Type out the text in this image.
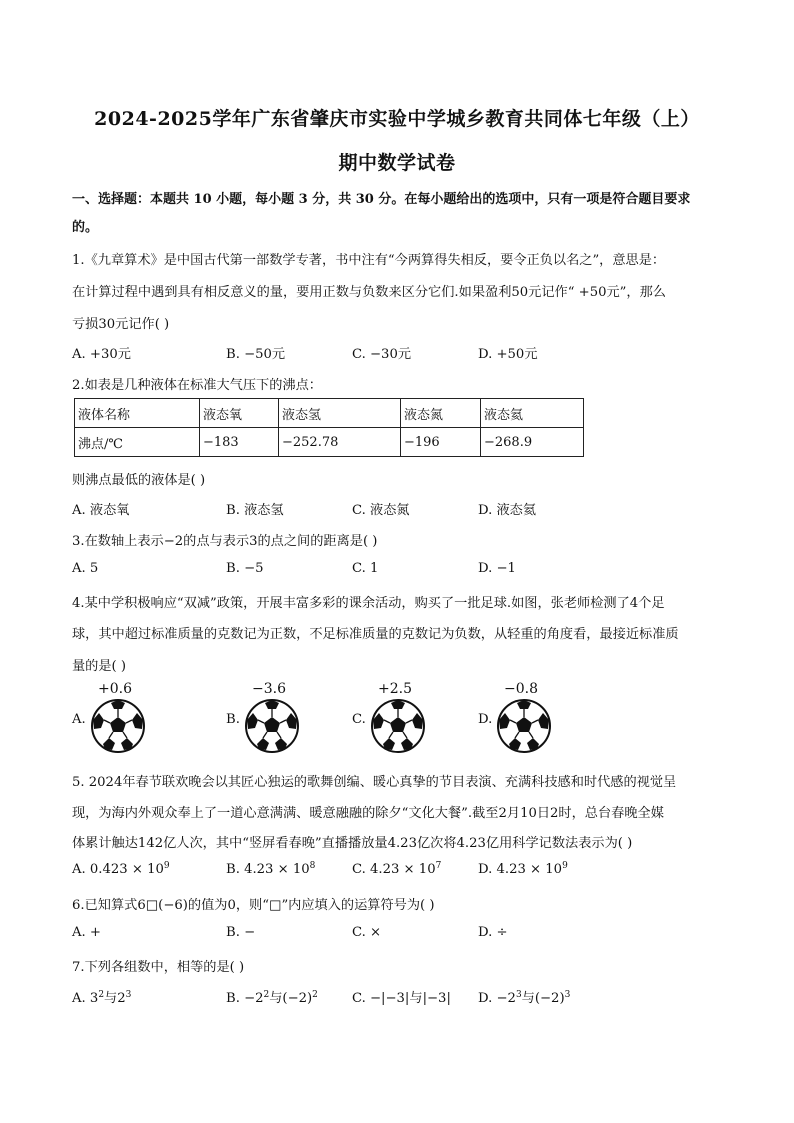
2024-2025学年广东省肇庆市实验中学城乡教育共同体七年级（上）
期中数学试卷
一、选择题：本题共 10 小题，每小题 3 分，共 30 分。在每小题给出的选项中，只有一项是符合题目要求
的。
1.《九章算术》是中国古代第一部数学专著，书中注有“今两算得失相反，要令正负以名之”，意思是：
在计算过程中遇到具有相反意义的量，要用正数与负数来区分它们.如果盈利50元记作“ +50元”，那么
亏损30元记作( )
A. +30元	B. −50元	C. −30元	D. +50元
2.如表是几种液体在标准大气压下的沸点：
液体名称	液态氧	液态氢	液态氮	液态氦
沸点/℃	−183	−252.78	−196	−268.9
则沸点最低的液体是( )
A. 液态氧	B. 液态氢	C. 液态氮	D. 液态氦
3.在数轴上表示−2的点与表示3的点之间的距离是( )
A. 5	B. −5	C. 1	D. −1
4.某中学积极响应“双减”政策，开展丰富多彩的课余活动，购买了一批足球.如图，张老师检测了4个足
球，其中超过标准质量的克数记为正数，不足标准质量的克数记为负数，从轻重的角度看，最接近标准质
量的是( )
A.
+0.6
B.
−3.6
C.
+2.5
D.
−0.8
5. 2024年春节联欢晚会以其匠心独运的歌舞创编、暖心真挚的节目表演、充满科技感和时代感的视觉呈
现，为海内外观众奉上了一道心意满满、暖意融融的除夕“文化大餐”.截至2月10日2时，总台春晚全媒
体累计触达142亿人次，其中“竖屏看春晚”直播播放量4.23亿次将4.23亿用科学记数法表示为( )
A. $0.423 \times 10^9$	B. $4.23 \times 10^8$	C. $4.23 \times 10^7$	D. $4.23 \times 10^9$
6.已知算式6□(−6)的值为0，则“□”内应填入的运算符号为( )
A. +	B. −	C. ×	D. ÷
7.下列各组数中，相等的是( )
A. $3^2$与$2^3$	B. $-2^2$与$(-2)^2$	C. −|−3|与|−3| D. $-2^3$与$(-2)^3$
